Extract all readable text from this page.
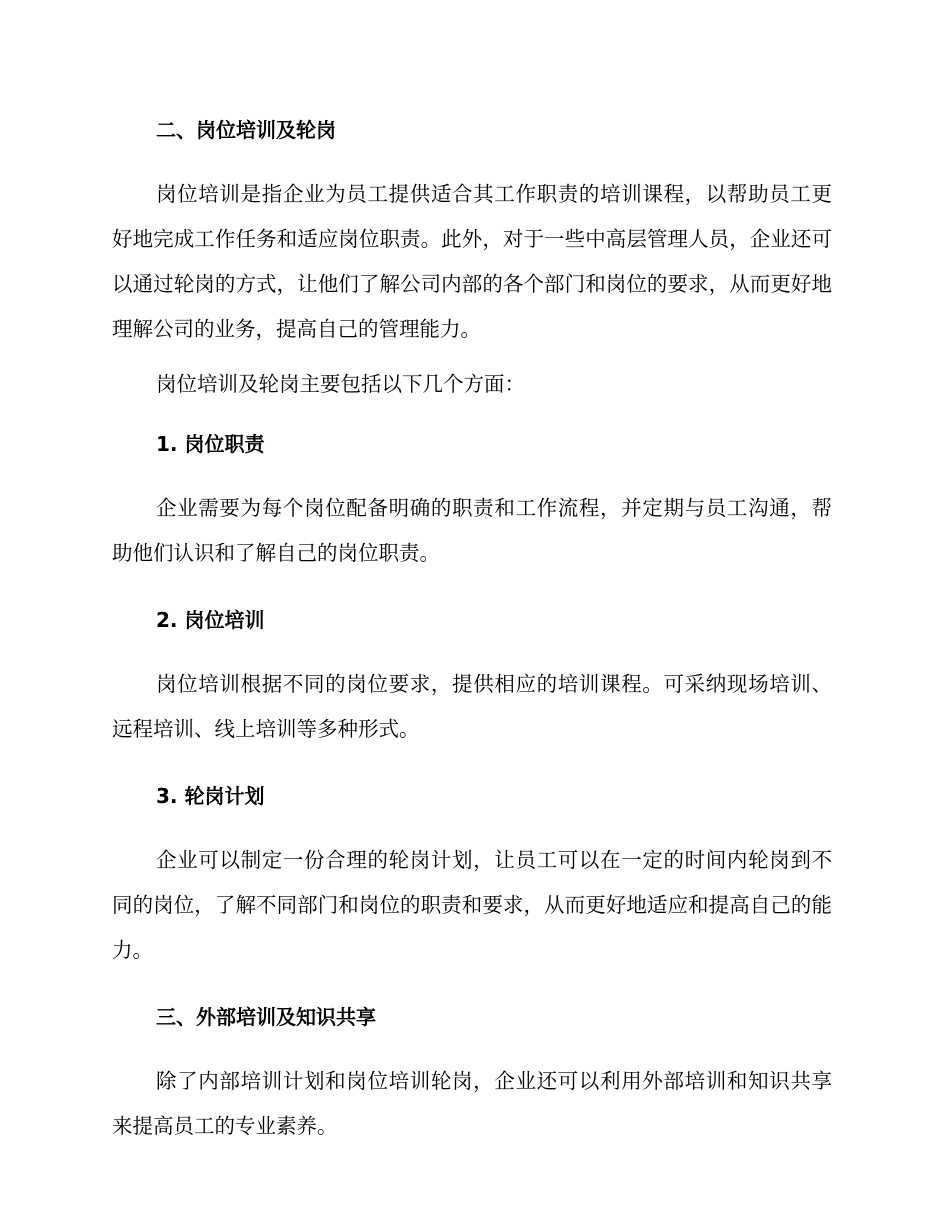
二、岗位培训及轮岗

岗位培训是指企业为员工提供适合其工作职责的培训课程，以帮助员工更好地完成工作任务和适应岗位职责。此外，对于一些中高层管理人员，企业还可以通过轮岗的方式，让他们了解公司内部的各个部门和岗位的要求，从而更好地理解公司的业务，提高自己的管理能力。

岗位培训及轮岗主要包括以下几个方面：

1. 岗位职责

企业需要为每个岗位配备明确的职责和工作流程，并定期与员工沟通，帮助他们认识和了解自己的岗位职责。

2. 岗位培训

岗位培训根据不同的岗位要求，提供相应的培训课程。可采纳现场培训、远程培训、线上培训等多种形式。

3. 轮岗计划

企业可以制定一份合理的轮岗计划，让员工可以在一定的时间内轮岗到不同的岗位，了解不同部门和岗位的职责和要求，从而更好地适应和提高自己的能力。

三、外部培训及知识共享

除了内部培训计划和岗位培训轮岗，企业还可以利用外部培训和知识共享来提高员工的专业素养。
